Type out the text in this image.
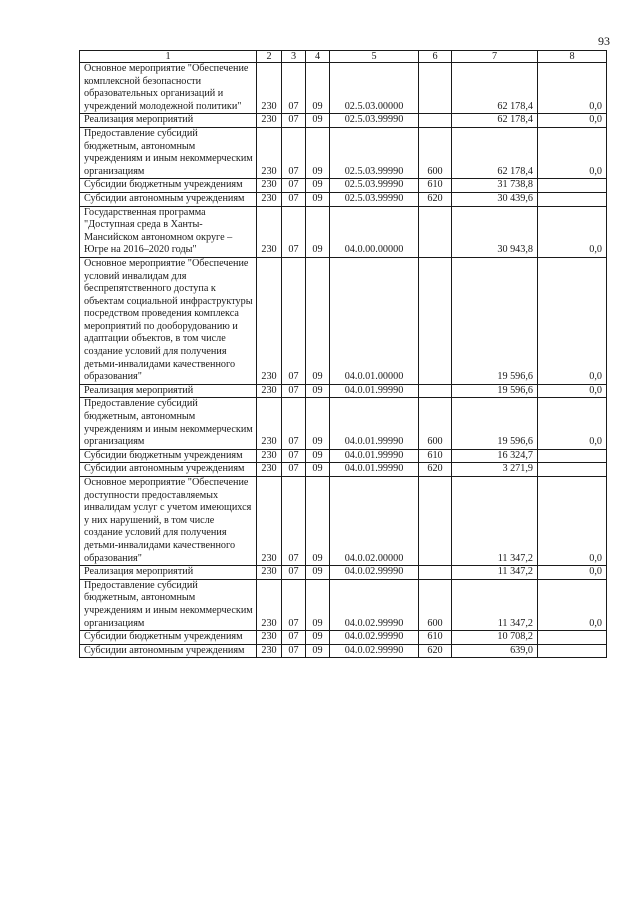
93
1	2	3	4	5	6	7	8
Основное мероприятие "Обеспечение комплексной безопасности образовательных организаций и учреждений молодежной политики"	230	07	09	02.5.03.00000		62 178,4	0,0
Реализация мероприятий	230	07	09	02.5.03.99990		62 178,4	0,0
Предоставление субсидий бюджетным, автономным учреждениям и иным некоммерческим организациям	230	07	09	02.5.03.99990	600	62 178,4	0,0
Субсидии бюджетным учреждениям	230	07	09	02.5.03.99990	610	31 738,8	
Субсидии автономным учреждениям	230	07	09	02.5.03.99990	620	30 439,6	
Государственная программа "Доступная среда в Ханты-Мансийском автономном округе – Югре на 2016–2020 годы"	230	07	09	04.0.00.00000		30 943,8	0,0
Основное мероприятие "Обеспечение условий инвалидам для беспрепятственного доступа к объектам социальной инфраструктуры посредством проведения комплекса мероприятий по дооборудованию и адаптации объектов, в том числе создание условий для получения детьми-инвалидами качественного образования"	230	07	09	04.0.01.00000		19 596,6	0,0
Реализация мероприятий	230	07	09	04.0.01.99990		19 596,6	0,0
Предоставление субсидий бюджетным, автономным учреждениям и иным некоммерческим организациям	230	07	09	04.0.01.99990	600	19 596,6	0,0
Субсидии бюджетным учреждениям	230	07	09	04.0.01.99990	610	16 324,7	
Субсидии автономным учреждениям	230	07	09	04.0.01.99990	620	3 271,9	
Основное мероприятие "Обеспечение доступности предоставляемых инвалидам услуг с учетом имеющихся у них нарушений, в том числе создание условий для получения детьми-инвалидами качественного образования"	230	07	09	04.0.02.00000		11 347,2	0,0
Реализация мероприятий	230	07	09	04.0.02.99990		11 347,2	0,0
Предоставление субсидий бюджетным, автономным учреждениям и иным некоммерческим организациям	230	07	09	04.0.02.99990	600	11 347,2	0,0
Субсидии бюджетным учреждениям	230	07	09	04.0.02.99990	610	10 708,2	
Субсидии автономным учреждениям	230	07	09	04.0.02.99990	620	639,0	
